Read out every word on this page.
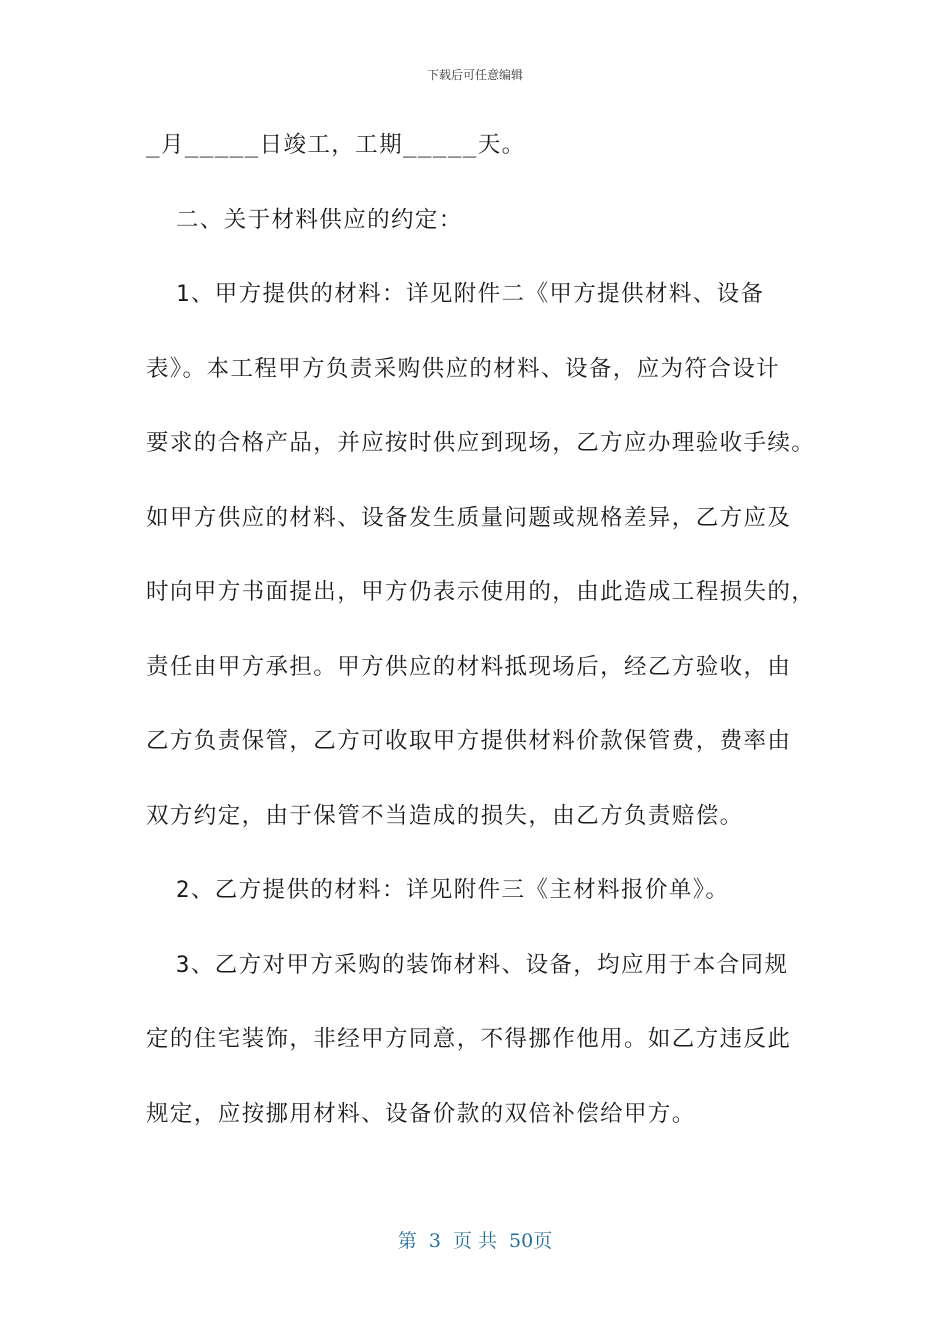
下载后可任意编辑
_月_____日竣工，工期_____天。
二、关于材料供应的约定：
1、甲方提供的材料：详见附件二《甲方提供材料、设备
表》。本工程甲方负责采购供应的材料、设备，应为符合设计
要求的合格产品，并应按时供应到现场，乙方应办理验收手续。
如甲方供应的材料、设备发生质量问题或规格差异，乙方应及
时向甲方书面提出，甲方仍表示使用的，由此造成工程损失的，
责任由甲方承担。甲方供应的材料抵现场后，经乙方验收，由
乙方负责保管，乙方可收取甲方提供材料价款保管费，费率由
双方约定，由于保管不当造成的损失，由乙方负责赔偿。
2、乙方提供的材料：详见附件三《主材料报价单》。
3、乙方对甲方采购的装饰材料、设备，均应用于本合同规
定的住宅装饰，非经甲方同意，不得挪作他用。如乙方违反此
规定，应按挪用材料、设备价款的双倍补偿给甲方。
第 3 页 共 50页
